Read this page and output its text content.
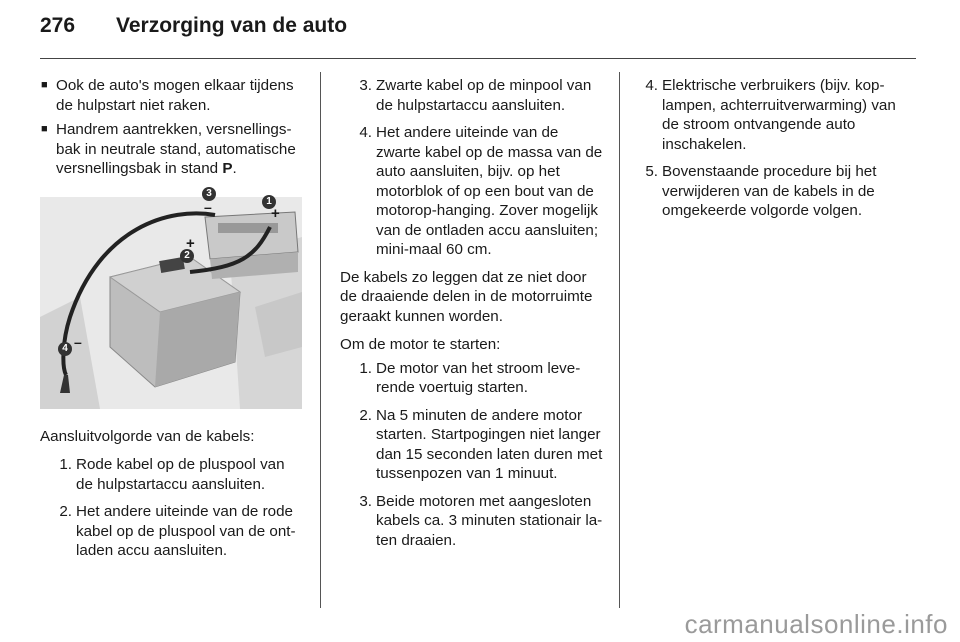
276 Verzorging van de auto
■ Ook de auto's mogen elkaar tijdens de hulpstart niet raken.
■ Handrem aantrekken, versnellings-bak in neutrale stand, automatische versnellingsbak in stand P.
3
–	1
+
2
+
4 –

Aansluitvolgorde van de kabels:

1. Rode kabel op de pluspool van de hulpstartaccu aansluiten.
2. Het andere uiteinde van de rode kabel op de pluspool van de ont-laden accu aansluiten.
3. Zwarte kabel op de minpool van de hulpstartaccu aansluiten.
4. Het andere uiteinde van de zwarte kabel op de massa van de auto aansluiten, bijv. op het motorblok of op een bout van de motorop-hanging. Zover mogelijk van de ontladen accu aansluiten; mini-maal 60 cm.

De kabels zo leggen dat ze niet door de draaiende delen in de motorruimte geraakt kunnen worden.

Om de motor te starten:

1. De motor van het stroom leve-rende voertuig starten.
2. Na 5 minuten de andere motor starten. Startpogingen niet langer dan 15 seconden laten duren met tussenpozen van 1 minuut.
3. Beide motoren met aangesloten kabels ca. 3 minuten stationair la-ten draaien.
4. Elektrische verbruikers (bijv. kop-lampen, achterruitverwarming) van de stroom ontvangende auto inschakelen.
5. Bovenstaande procedure bij het verwijderen van de kabels in de omgekeerde volgorde volgen.
carmanualsonline.info
